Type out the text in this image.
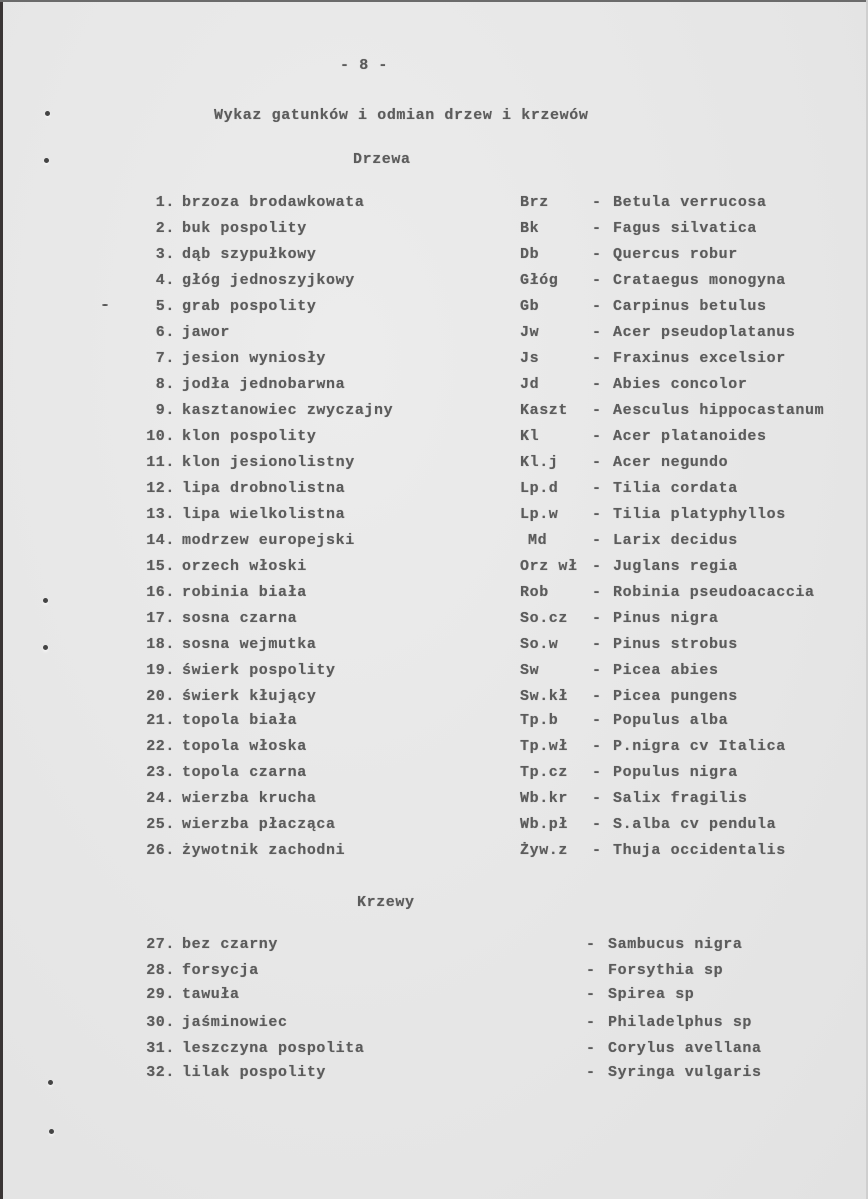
- 8 -
Wykaz gatunków i odmian drzew i krzewów
Drzewa
1. brzoza brodawkowata	Brz	- Betula verrucosa
2. buk pospolity	Bk	- Fagus silvatica
3. dąb szypułkowy	Db	- Quercus robur
4. głóg jednoszyjkowy	Głóg - Crataegus monogyna
5. grab pospolity	Gb	- Carpinus betulus
6. jawor	Jw	- Acer pseudoplatanus
7. jesion wyniosły	Js	- Fraxinus excelsior
8. jodła jednobarwna	Jd	- Abies concolor
9. kasztanowiec zwyczajny	Kaszt - Aesculus hippocastanum
10. klon pospolity	Kl	- Acer platanoides
11. klon jesionolistny	Kl.j - Acer negundo
12. lipa drobnolistna	Lp.d - Tilia cordata
13. lipa wielkolistna	Lp.w - Tilia platyphyllos
14. modrzew europejski	Md	- Larix decidus
15. orzech włoski	Orz wł - Juglans regia
16. robinia biała	Rob	- Robinia pseudoacaccia
17. sosna czarna	So.cz - Pinus nigra
18. sosna wejmutka	So.w - Pinus strobus
19. świerk pospolity	Sw	- Picea abies
20. świerk kłujący	Sw.kł - Picea pungens
21. topola biała	Tp.b - Populus alba
22. topola włoska	Tp.wł - P.nigra cv Italica
23. topola czarna	Tp.cz - Populus nigra
24. wierzba krucha	Wb.kr - Salix fragilis
25. wierzba płacząca	Wb.pł - S.alba cv pendula
26. żywotnik zachodni	Żyw.z - Thuja occidentalis
Krzewy
27. bez czarny	- Sambucus nigra
28. forsycja	- Forsythia sp
29. tawuła	- Spirea sp
30. jaśminowiec	- Philadelphus sp
31. leszczyna pospolita	- Corylus avellana
32. lilak pospolity	- Syringa vulgaris
